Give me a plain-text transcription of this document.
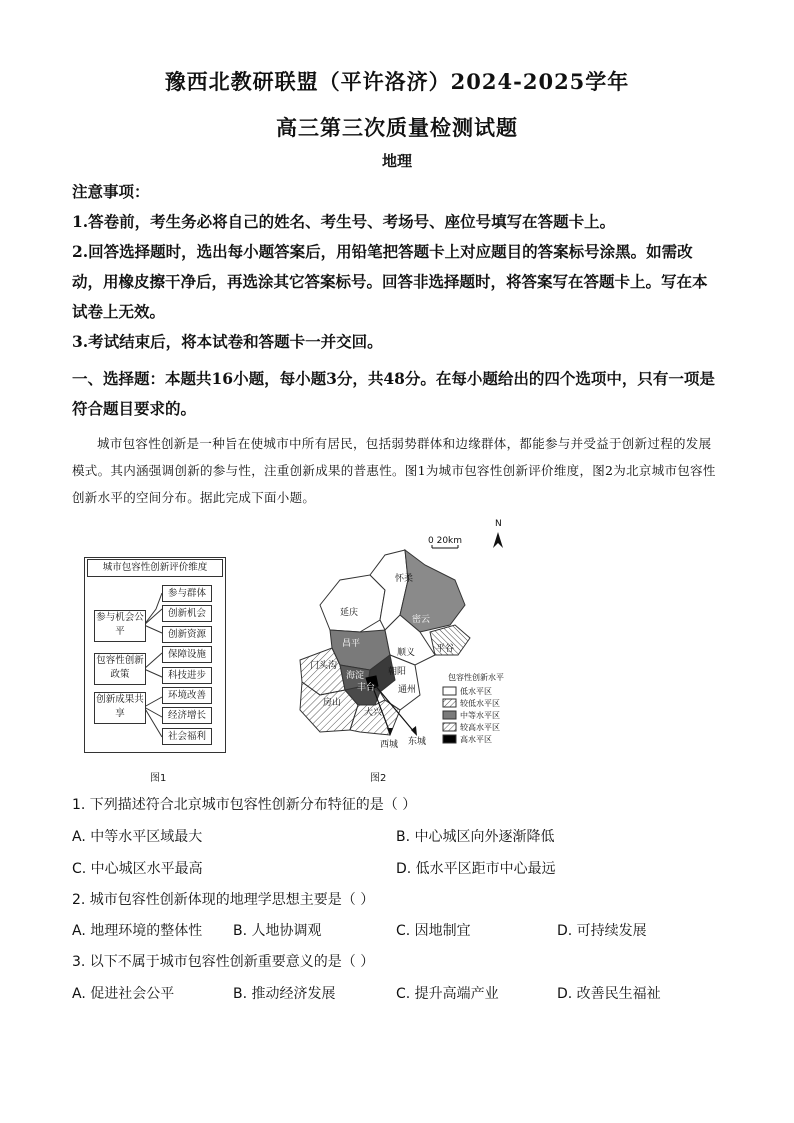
豫西北教研联盟（平许洛济）2024-2025学年
高三第三次质量检测试题
地理

注意事项：

1.答卷前，考生务必将自己的姓名、考生号、考场号、座位号填写在答题卡上。

2.回答选择题时，选出每小题答案后，用铅笔把答题卡上对应题目的答案标号涂黑。如需改动，用橡皮擦干净后，再选涂其它答案标号。回答非选择题时，将答案写在答题卡上。写在本试卷上无效。

3.考试结束后，将本试卷和答题卡一并交回。

一、选择题：本题共16小题，每小题3分，共48分。在每小题给出的四个选项中，只有一项是符合题目要求的。
城市包容性创新是一种旨在使城市中所有居民，包括弱势群体和边缘群体，都能参与并受益于创新过程的发展模式。其内涵强调创新的参与性，注重创新成果的普惠性。图1为城市包容性创新评价维度，图2为北京城市包容性创新水平的空间分布。据此完成下面小题。
城市包容性创新评价维度
参与机会公平
包容性创新政策
创新成果共享
参与群体
创新机会
创新资源
保障设施
科技进步
环境改善
经济增长
社会福利
图1
0 20km
N
怀柔
延庆
密云
昌平	平谷
顺义
门头沟
朝阳
海淀
丰台	通州
房山
大兴
西城 东城
包容性创新水平
低水平区
较低水平区
中等水平区
较高水平区
高水平区
图2
1. 下列描述符合北京城市包容性创新分布特征的是（ ）
A. 中等水平区域最大	B. 中心城区向外逐渐降低
C. 中心城区水平最高	D. 低水平区距市中心最远
2. 城市包容性创新体现的地理学思想主要是（ ）
A. 地理环境的整体性 B. 人地协调观	C. 因地制宜	D. 可持续发展
3. 以下不属于城市包容性创新重要意义的是（ ）
A. 促进社会公平	B. 推动经济发展	C. 提升高端产业	D. 改善民生福祉
